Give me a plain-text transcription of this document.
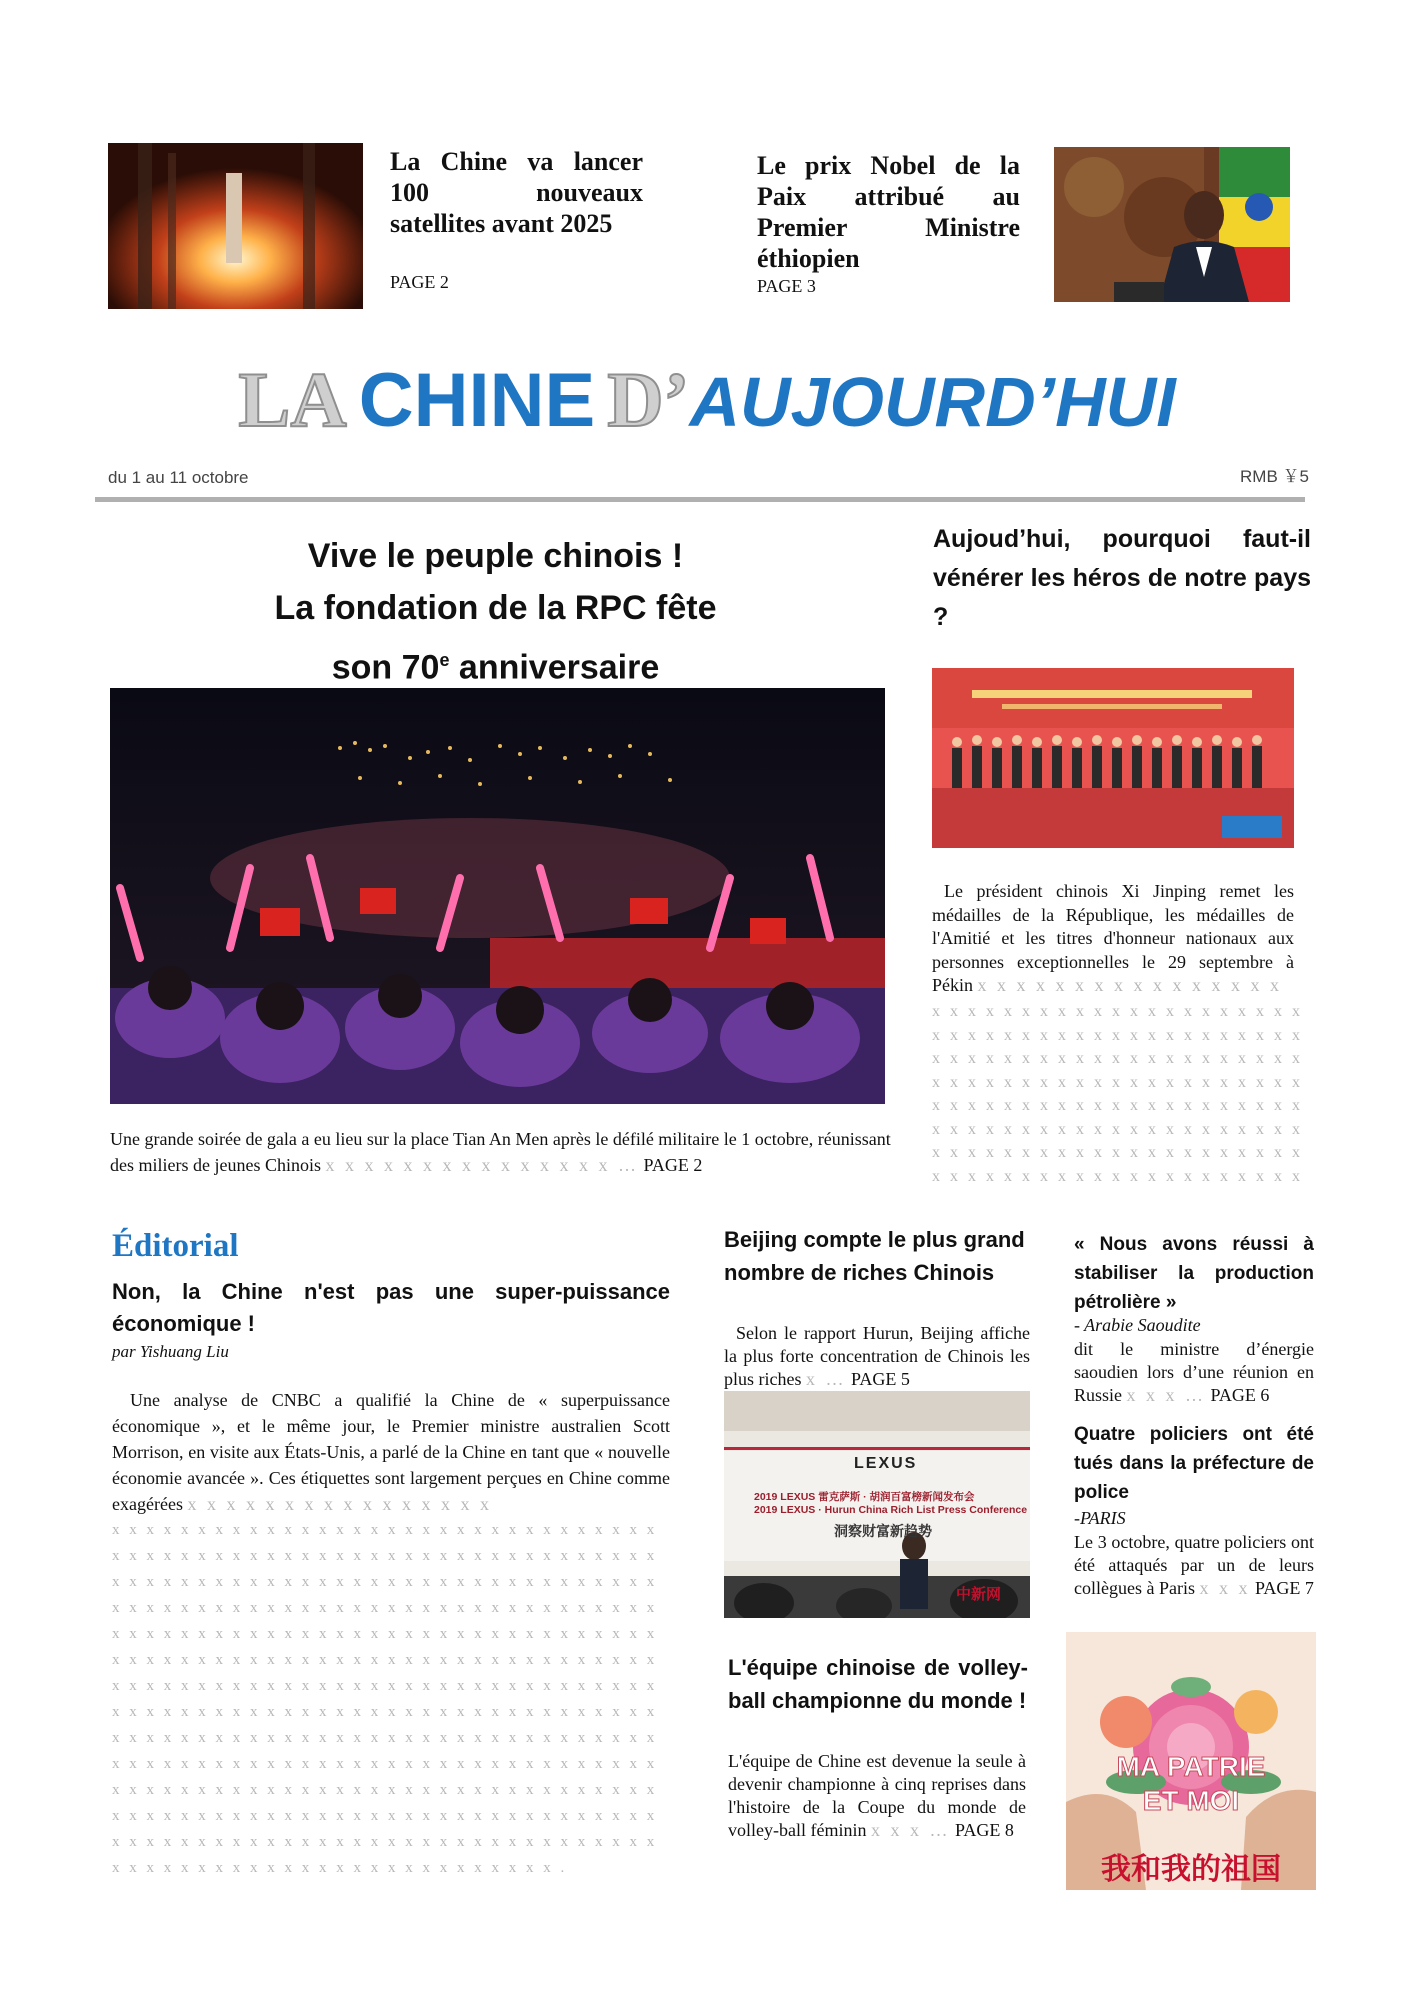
La Chine va lancer 100 nouveaux satellites avant 2025
PAGE 2
Le prix Nobel de la Paix attribué au Premier Ministre éthiopien
PAGE 3
LA CHINE D’AUJOURD’HUI
du 1 au 11 octobre	RMB ￥5
Vive le peuple chinois !
La fondation de la RPC fête
son 70e anniversaire
Une grande soirée de gala a eu lieu sur la place Tian An Men après le défilé militaire le 1 octobre, réunissant des miliers de jeunes Chinois x x x x x x x x x x x x x x x … PAGE 2
Aujoud’hui, pourquoi faut-il vénérer les héros de notre pays ?
Le président chinois Xi Jinping remet les médailles de la République, les médailles de l'Amitié et les titres d'honneur nationaux aux personnes exceptionnelles le 29 septembre à Pékin x x x x x x x x x x x x x x x x
x x x x x x x x x x x x x x x x x x x x x
x x x x x x x x x x x x x x x x x x x x x
x x x x x x x x x x x x x x x x x x x x x
x x x x x x x x x x x x x x x x x x x x x
x x x x x x x x x x x x x x x x x x x x x
x x x x x x x x x x x x x x x x x x x x x
x x x x x x x x x x x x x x x x x x x x x
x x x x x x x x x x x x x x x x x x x x x
Éditorial
Non, la Chine n'est pas une super-puissance économique !
par Yishuang Liu
Une analyse de CNBC a qualifié la Chine de « superpuissance économique », et le même jour, le Premier ministre australien Scott Morrison, en visite aux États-Unis, a parlé de la Chine en tant que « nouvelle économie avancée ». Ces étiquettes sont largement perçues en Chine comme exagérées x x x x x x x x x x x x x x x x
x x x x x x x x x x x x x x x x x x x x x x x x x x x x x x x x
x x x x x x x x x x x x x x x x x x x x x x x x x x x x x x x x
x x x x x x x x x x x x x x x x x x x x x x x x x x x x x x x x
x x x x x x x x x x x x x x x x x x x x x x x x x x x x x x x x
x x x x x x x x x x x x x x x x x x x x x x x x x x x x x x x x
x x x x x x x x x x x x x x x x x x x x x x x x x x x x x x x x
x x x x x x x x x x x x x x x x x x x x x x x x x x x x x x x x
x x x x x x x x x x x x x x x x x x x x x x x x x x x x x x x x
x x x x x x x x x x x x x x x x x x x x x x x x x x x x x x x x
x x x x x x x x x x x x x x x x x x x x x x x x x x x x x x x x
x x x x x x x x x x x x x x x x x x x x x x x x x x x x x x x x
x x x x x x x x x x x x x x x x x x x x x x x x x x x x x x x x
x x x x x x x x x x x x x x x x x x x x x x x x x x x x x x x x
x x x x x x x x x x x x x x x x x x x x x x x x x x .
Beijing compte le plus grand nombre de riches Chinois
Selon le rapport Hurun, Beijing affiche la plus forte concentration de Chinois les plus riches x … PAGE 5
LEXUS
2019 LEXUS 雷克萨斯 · 胡润百富榜新闻发布会
2019 LEXUS · Hurun China Rich List Press Conference
洞察财富新趋势
中新网
L'équipe chinoise de volley-ball championne du monde !
L'équipe de Chine est devenue la seule à devenir championne à cinq reprises dans l'histoire de la Coupe du monde de volley-ball féminin x x x … PAGE 8
« Nous avons réussi à stabiliser la production pétrolière »
- Arabie Saoudite
dit le ministre d’énergie saoudien lors d’une réunion en Russie x x x … PAGE 6
Quatre policiers ont été tués dans la préfecture de police
-PARIS
Le 3 octobre, quatre policiers ont été attaqués par un de leurs collègues à Paris x x x PAGE 7
MA PATRIE
ET MOI
我和我的祖国
